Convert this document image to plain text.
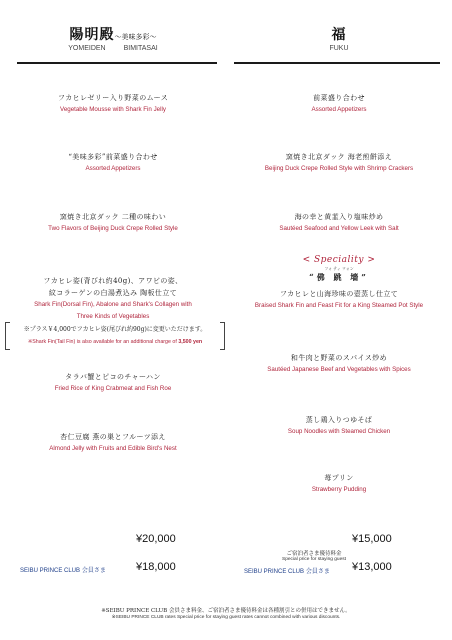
陽明殿～美味多彩～
YOMEIDEN	BIMITASAI
福
FUKU
フカヒレゼリー入り野菜のムース
Vegetable Mousse with Shark Fin Jelly
“美味多彩”前菜盛り合わせ
Assorted Appetizers
窯焼き北京ダック 二種の味わい
Two Flavors of Beijing Duck Crepe Rolled Style
フカヒレ姿(背びれ約40g)、アワビの姿、
紋コラーゲンの白湯煮込み 陶板仕立て
Shark Fin(Dorsal Fin), Abalone and Shark's Collagen with
Three Kinds of Vegetables
※プラス￥4,000でフカヒレ姿(尾びれ約90g)に変更いただけます。
※Shark Fin(Tail Fin) is also available for an additional charge of 3,500 yen
タラバ蟹とピコのチャーハン
Fried Rice of King Crabmeat and Fish Roe
杏仁豆腐 燕の巣とフルーツ添え
Almond Jelly with Fruits and Edible Bird's Nest
前菜盛り合わせ
Assorted Appetizers
窯焼き北京ダック 海老煎餅添え
Beijing Duck Crepe Rolled Style with Shrimp Crackers
海の幸と黄韮入り塩味炒め
Sautéed Seafood and Yellow Leek with Salt
< Speciality >
フォ ティ ヲォン
“佛 跳 墻”
フカヒレと山海珍味の壺蒸し仕立て
Braised Shark Fin and Feast Fit for a King Steamed Pot Style
和牛肉と野菜のスパイス炒め
Sautéed Japanese Beef and Vegetables with Spices
蒸し鶏入りつゆそば
Soup Noodles with Steamed Chicken
苺プリン
Strawberry Pudding
¥20,000
SEIBU PRINCE CLUB 会員さま	¥18,000
¥15,000
ご宿泊者さま優待料金
Special price for staying guest
SEIBU PRINCE CLUB 会員さま ¥13,000
※SEIBU PRINCE CLUB 会員さま料金、ご宿泊者さま優待料金は各種割引との併用はできません。
※SEIBU PRINCE CLUB rates Special price for staying guest rates cannot combined with various discounts.
